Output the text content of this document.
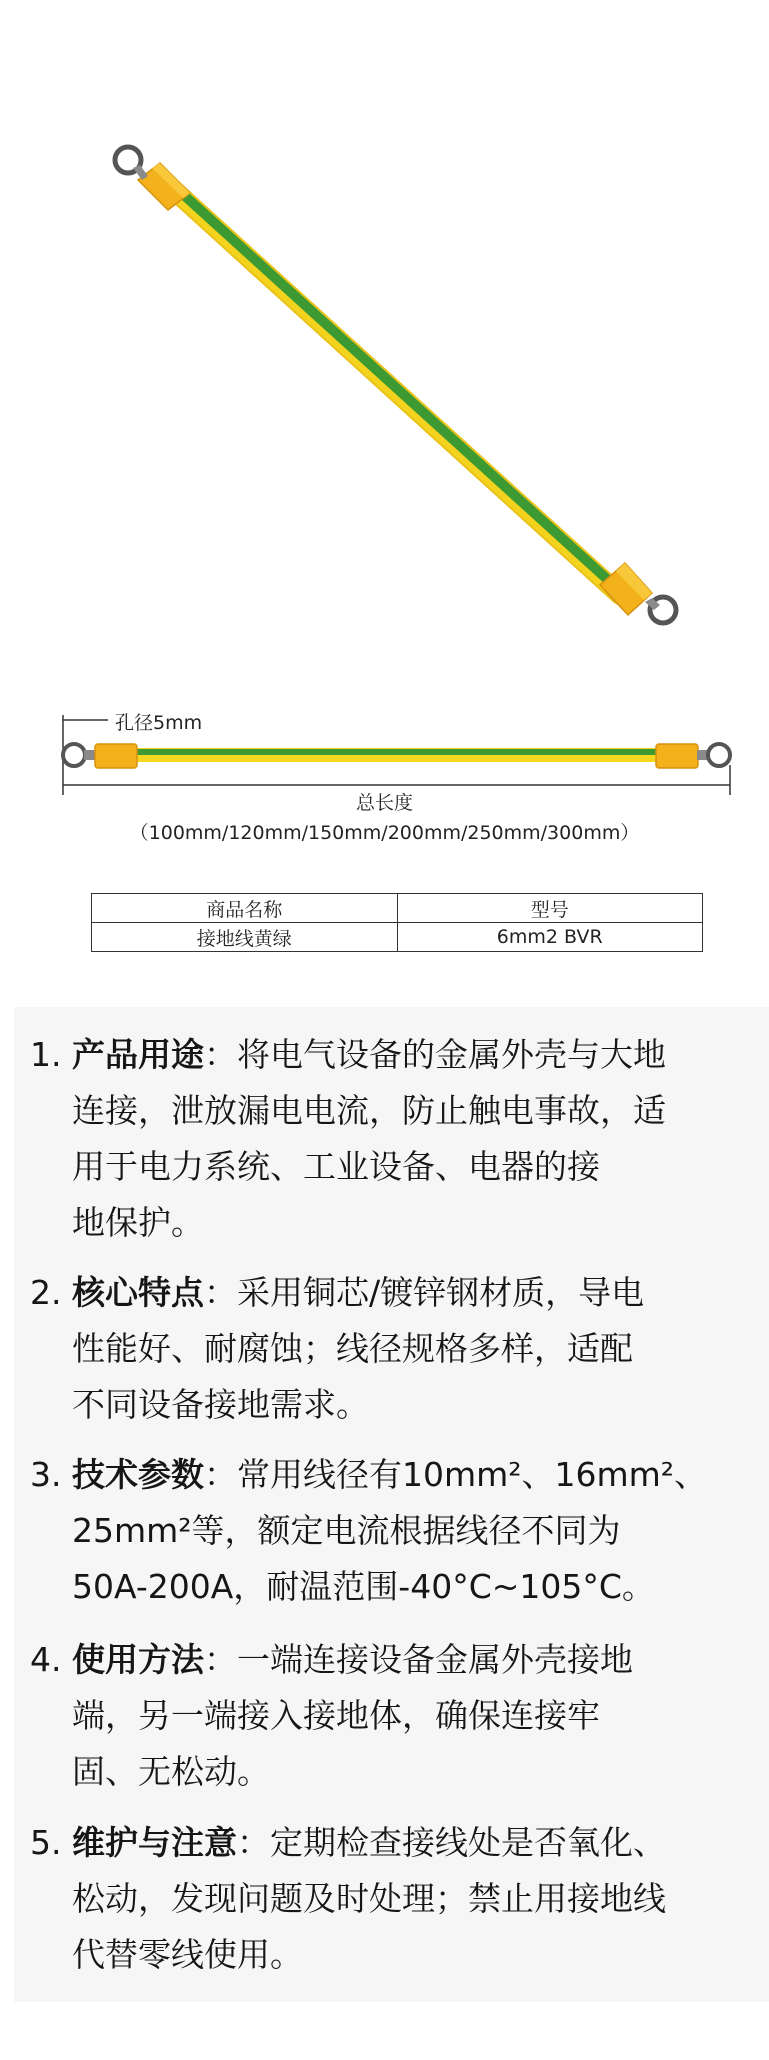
孔径5mm
总长度
（100mm/120mm/150mm/200mm/250mm/300mm）
商品名称	型号
接地线黄绿	6mm2 BVR
1. 产品用途：将电气设备的金属外壳与大地
连接，泄放漏电电流，防止触电事故，适
用于电力系统、工业设备、电器的接
地保护。
2. 核心特点：采用铜芯/镀锌钢材质，导电
性能好、耐腐蚀；线径规格多样，适配
不同设备接地需求。
3. 技术参数：常用线径有10mm²、16mm²、
25mm²等，额定电流根据线径不同为
50A-200A，耐温范围-40°C~105°C。
4. 使用方法：一端连接设备金属外壳接地
端，另一端接入接地体，确保连接牢
固、无松动。
5. 维护与注意：定期检查接线处是否氧化、
松动，发现问题及时处理；禁止用接地线
代替零线使用。
